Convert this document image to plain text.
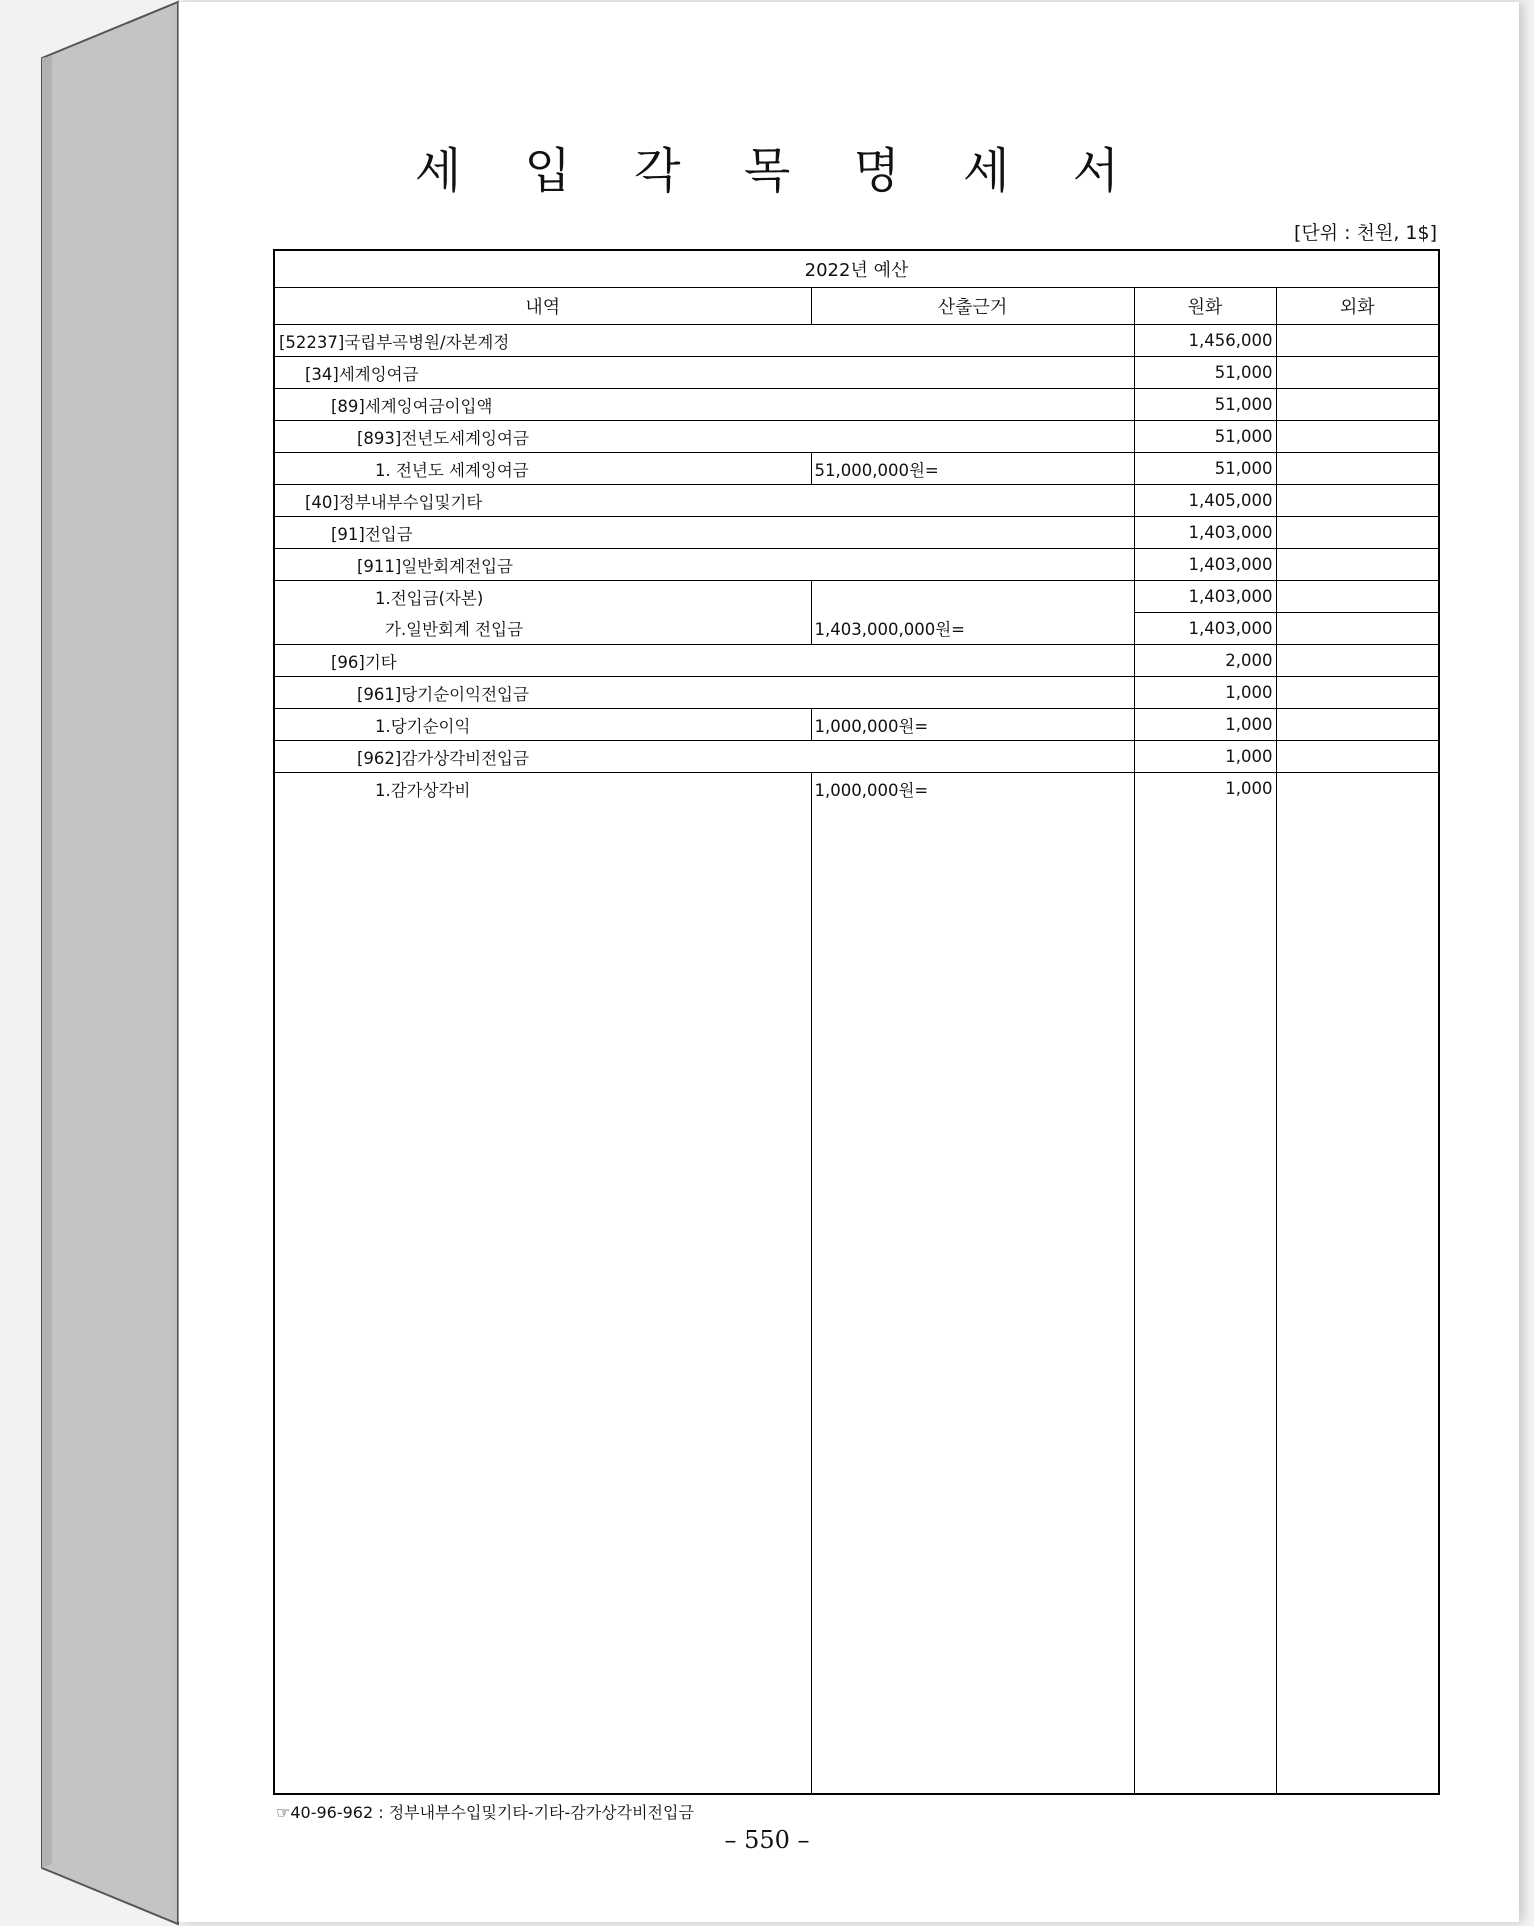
세 입 각 목 명 세 서
[단위 : 천원, 1$]
2022년 예산			
내역	산출근거	원화	외화
[52237]국립부곡병원/자본계정		1,456,000	
[34]세계잉여금		51,000	
[89]세계잉여금이입액		51,000	
[893]전년도세계잉여금		51,000	
1. 전년도 세계잉여금	51,000,000원=	51,000	
[40]정부내부수입및기타		1,405,000	
[91]전입금		1,403,000	
[911]일반회계전입금		1,403,000	
1.전입금(자본)		1,403,000	
가.일반회계 전입금	1,403,000,000원=	1,403,000	
[96]기타		2,000	
[961]당기순이익전입금		1,000	
1.당기순이익	1,000,000원=	1,000	
[962]감가상각비전입금		1,000	
1.감가상각비	1,000,000원=	1,000	

☞40-96-962 : 정부내부수입및기타-기타-감가상각비전입금
– 550 –
